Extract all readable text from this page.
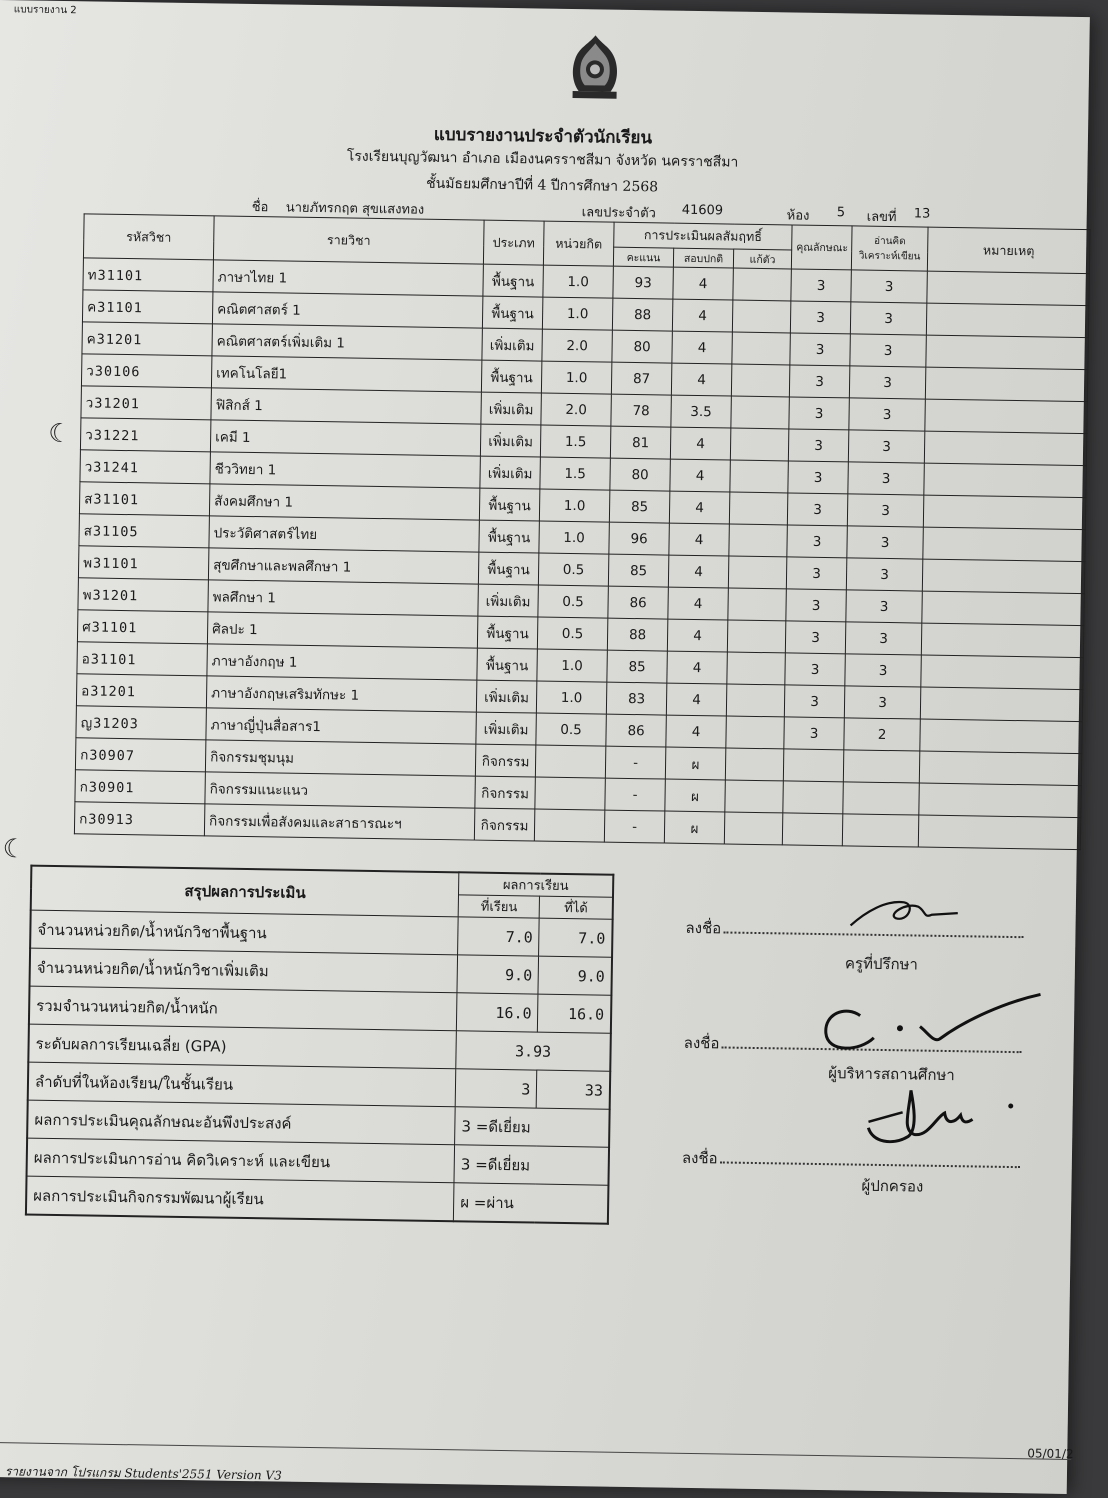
แบบรายงาน 2
แบบรายงานประจำตัวนักเรียน
โรงเรียนบุญวัฒนา อำเภอ เมืองนครราชสีมา จังหวัด นครราชสีมา
ชั้นมัธยมศึกษาปีที่ 4 ปีการศึกษา 2568
ชื่อ นายภัทรกฤต สุขแสงทอง	เลขประจำตัว 41609	ห้อง 5 เลขที่ 13
รหัสวิชา	รายวิชา	ประเภท	หน่วยกิต	การประเมินผลสัมฤทธิ์			คุณลักษณะ	อ่านคิดวิเคราะห์เขียน	หมายเหตุ
				คะแนน	สอบปกติ	แก้ตัว			
ท31101	ภาษาไทย 1	พื้นฐาน	1.0	93	4		3	3	
ค31101	คณิตศาสตร์ 1	พื้นฐาน	1.0	88	4		3	3	
ค31201	คณิตศาสตร์เพิ่มเติม 1	เพิ่มเติม	2.0	80	4		3	3	
ว30106	เทคโนโลยี1	พื้นฐาน	1.0	87	4		3	3	
ว31201	ฟิสิกส์ 1	เพิ่มเติม	2.0	78	3.5		3	3	
ว31221	เคมี 1	เพิ่มเติม	1.5	81	4		3	3	
ว31241	ชีววิทยา 1	เพิ่มเติม	1.5	80	4		3	3	
ส31101	สังคมศึกษา 1	พื้นฐาน	1.0	85	4		3	3	
ส31105	ประวัติศาสตร์ไทย	พื้นฐาน	1.0	96	4		3	3	
พ31101	สุขศึกษาและพลศึกษา 1	พื้นฐาน	0.5	85	4		3	3	
พ31201	พลศึกษา 1	เพิ่มเติม	0.5	86	4		3	3	
ศ31101	ศิลปะ 1	พื้นฐาน	0.5	88	4		3	3	
อ31101	ภาษาอังกฤษ 1	พื้นฐาน	1.0	85	4		3	3	
อ31201	ภาษาอังกฤษเสริมทักษะ 1	เพิ่มเติม	1.0	83	4		3	3	
ญ31203	ภาษาญี่ปุ่นสื่อสาร1	เพิ่มเติม	0.5	86	4		3	2	
ก30907	กิจกรรมชุมนุม	กิจกรรม		-	ผ				
ก30901	กิจกรรมแนะแนว	กิจกรรม		-	ผ				
ก30913	กิจกรรมเพื่อสังคมและสาธารณะฯ	กิจกรรม		-	ผ				
สรุปผลการประเมิน	ผลการเรียน	
	ที่เรียน	ที่ได้
จำนวนหน่วยกิต/น้ำหนักวิชาพื้นฐาน	7.0	7.0
จำนวนหน่วยกิต/น้ำหนักวิชาเพิ่มเติม	9.0	9.0
รวมจำนวนหน่วยกิต/น้ำหนัก	16.0	16.0
ระดับผลการเรียนเฉลี่ย (GPA)	3.93	
ลำดับที่ในห้องเรียน/ในชั้นเรียน	3	33
ผลการประเมินคุณลักษณะอันพึงประสงค์	3 =ดีเยี่ยม	
ผลการประเมินการอ่าน คิดวิเคราะห์ และเขียน	3 =ดีเยี่ยม	
ผลการประเมินกิจกรรมพัฒนาผู้เรียน	ผ =ผ่าน	
ลงชื่อ
ครูที่ปรึกษา
ลงชื่อ
ผู้บริหารสถานศึกษา
ลงชื่อ
ผู้ปกครอง
☾
☾
05/01/2
รายงานจาก โปรแกรม Students'2551 Version V3
